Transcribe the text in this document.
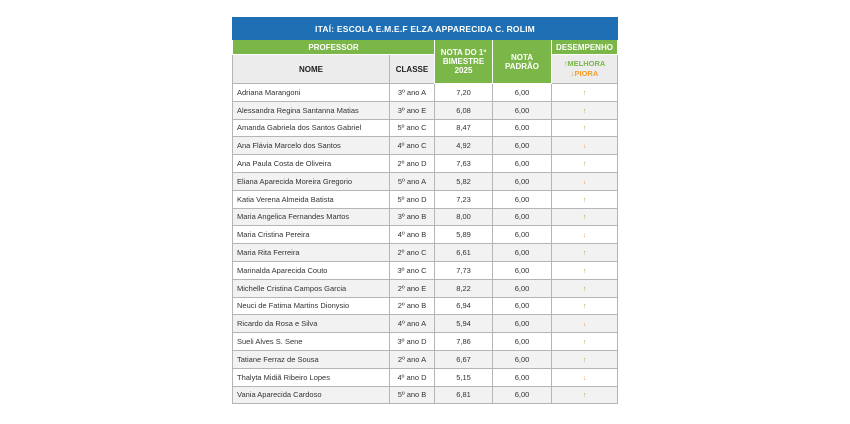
ITAÍ: ESCOLA E.M.E.F ELZA APPARECIDA C. ROLIM				
PROFESSOR		NOTA DO 1º BIMESTRE 2025	NOTA PADRÃO	DESEMPENHO
NOME	CLASSE			↑MELHORA
↓PIORA

Adriana Marangoni	3º ano A	7,20	6,00	↑
Alessandra Regina Santanna Matias	3º ano E	6,08	6,00	↑
Amanda Gabriela dos Santos Gabriel	5º ano C	8,47	6,00	↑
Ana Flávia Marcelo dos Santos	4º ano C	4,92	6,00	↓
Ana Paula Costa de Oliveira	2º ano D	7,63	6,00	↑
Eliana Aparecida Moreira Gregorio	5º ano A	5,82	6,00	↓
Katia Verena Almeida Batista	5º ano D	7,23	6,00	↑
Maria Angelica Fernandes Martos	3º ano B	8,00	6,00	↑
Maria Cristina Pereira	4º ano B	5,89	6,00	↓
Maria Rita Ferreira	2º ano C	6,61	6,00	↑
Marinalda Aparecida Couto	3º ano C	7,73	6,00	↑
Michelle Cristina Campos Garcia	2º ano E	8,22	6,00	↑
Neuci de Fatima Martins Dionysio	2º ano B	6,94	6,00	↑
Ricardo da Rosa e Silva	4º ano A	5,94	6,00	↓
Sueli Alves S. Sene	3º ano D	7,86	6,00	↑
Tatiane Ferraz de Sousa	2º ano A	6,67	6,00	↑
Thalyta Midiã Ribeiro Lopes	4º ano D	5,15	6,00	↓
Vania Aparecida Cardoso	5º ano B	6,81	6,00	↑
